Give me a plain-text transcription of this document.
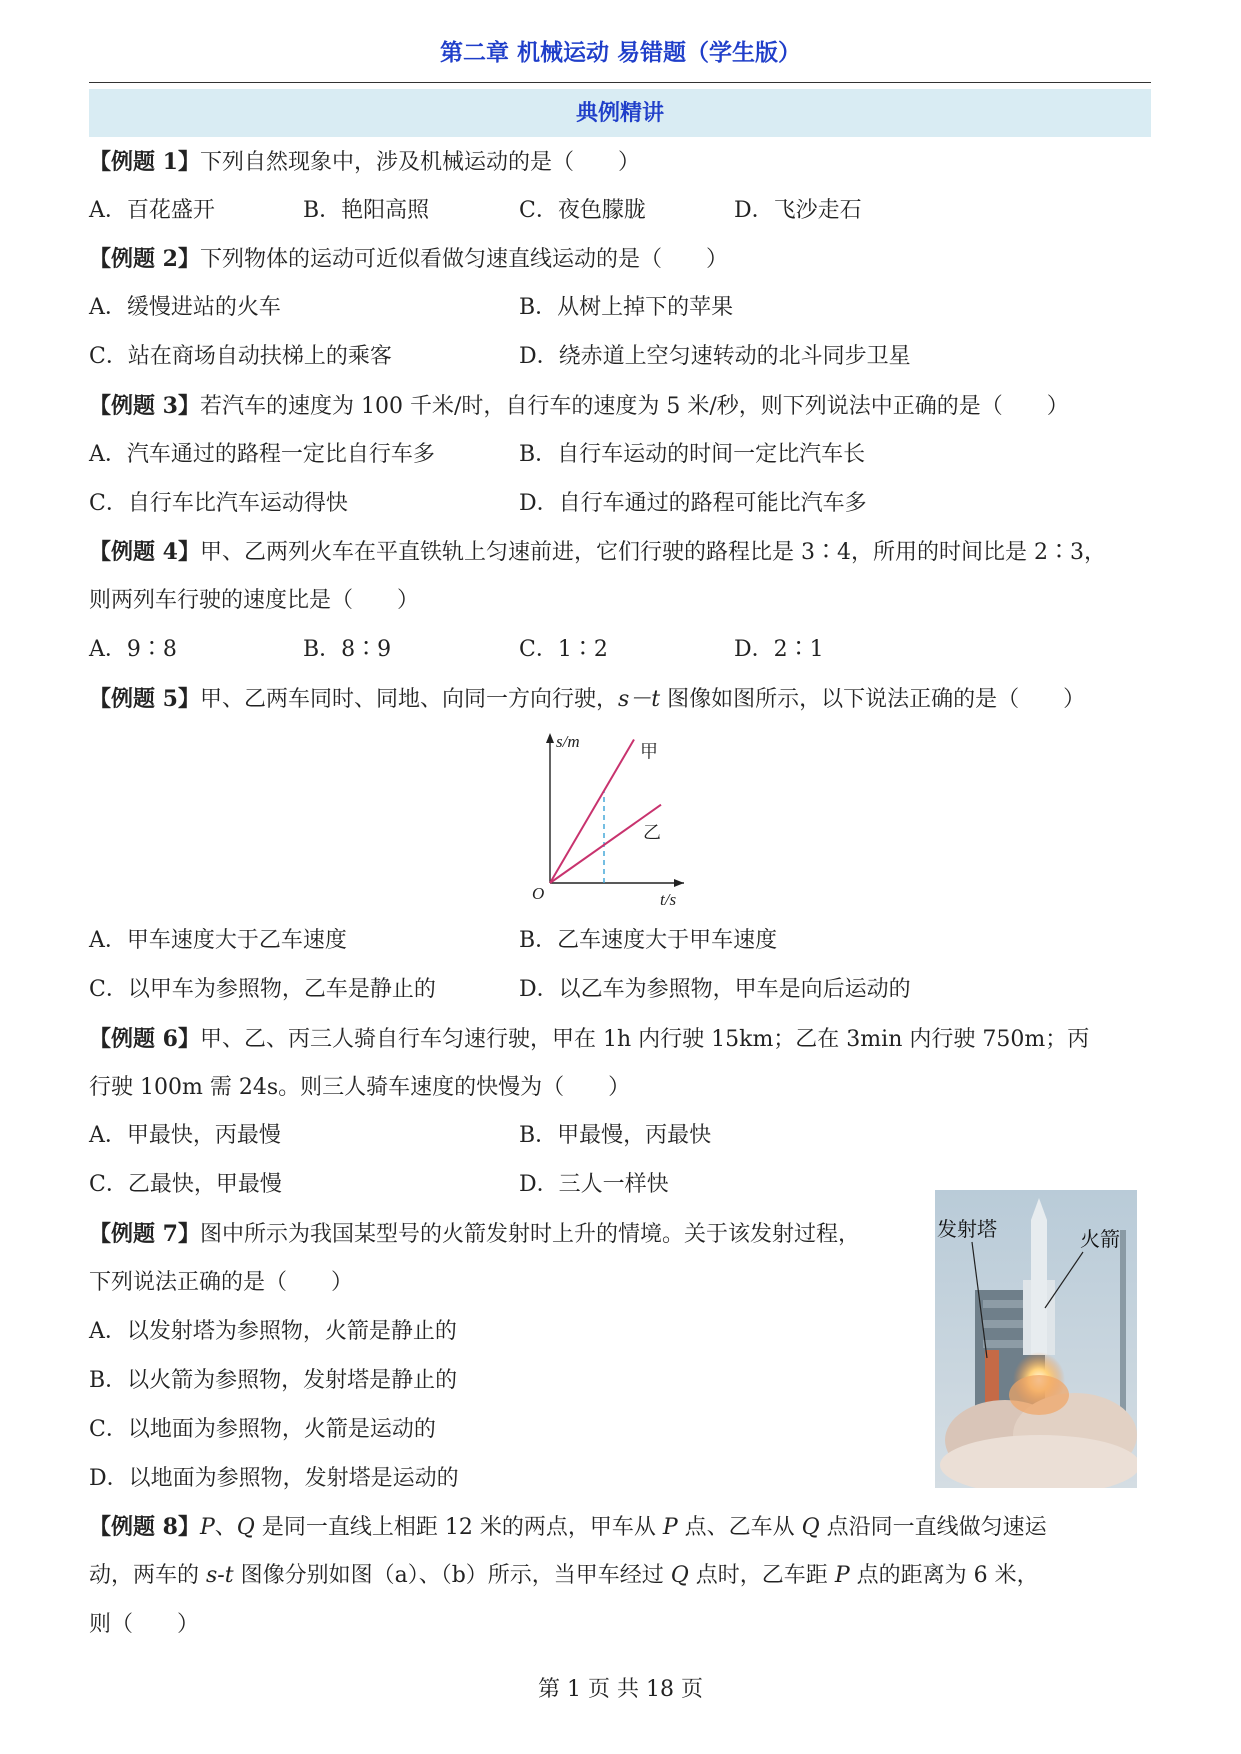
第二章 机械运动 易错题（学生版）
典例精讲
【例题 1】下列自然现象中，涉及机械运动的是（　　）
A．百花盛开	B．艳阳高照	C．夜色朦胧	D．飞沙走石
【例题 2】下列物体的运动可近似看做匀速直线运动的是（　　）
A．缓慢进站的火车	B．从树上掉下的苹果
C．站在商场自动扶梯上的乘客	D．绕赤道上空匀速转动的北斗同步卫星
【例题 3】若汽车的速度为 100 千米/时，自行车的速度为 5 米/秒，则下列说法中正确的是（　　）
A．汽车通过的路程一定比自行车多	B．自行车运动的时间一定比汽车长
C．自行车比汽车运动得快	D．自行车通过的路程可能比汽车多
【例题 4】甲、乙两列火车在平直铁轨上匀速前进，它们行驶的路程比是 3∶4，所用的时间比是 2∶3，
则两列车行驶的速度比是（　　）
A．9∶8	B．8∶9	C．1∶2	D．2∶1
【例题 5】甲、乙两车同时、同地、向同一方向行驶，s－t 图像如图所示，以下说法正确的是（　　）
甲
乙
s/m
t/s
O
A．甲车速度大于乙车速度	B．乙车速度大于甲车速度
C．以甲车为参照物，乙车是静止的	D．以乙车为参照物，甲车是向后运动的
【例题 6】甲、乙、丙三人骑自行车匀速行驶，甲在 1h 内行驶 15km；乙在 3min 内行驶 750m；丙
行驶 100m 需 24s。则三人骑车速度的快慢为（　　）
A．甲最快，丙最慢	B．甲最慢，丙最快
C．乙最快，甲最慢	D．三人一样快
【例题 7】图中所示为我国某型号的火箭发射时上升的情境。关于该发射过程，
下列说法正确的是（　　）
A．以发射塔为参照物，火箭是静止的
B．以火箭为参照物，发射塔是静止的
C．以地面为参照物，火箭是运动的
D．以地面为参照物，发射塔是运动的
发射塔	火箭
【例题 8】P、Q 是同一直线上相距 12 米的两点，甲车从 P 点、乙车从 Q 点沿同一直线做匀速运
动，两车的 s-t 图像分别如图（a）、（b）所示，当甲车经过 Q 点时，乙车距 P 点的距离为 6 米，
则（　　）
第 1 页 共 18 页
